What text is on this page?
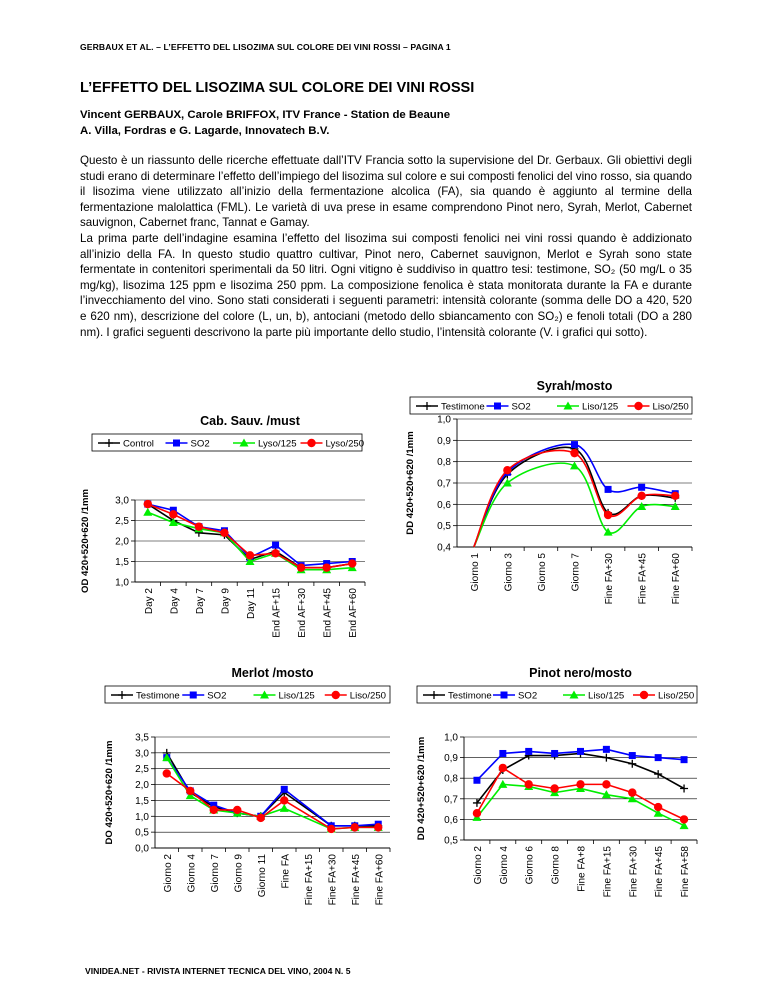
GERBAUX ET AL. – L’EFFETTO DEL LISOZIMA SUL COLORE DEI VINI ROSSI – PAGINA 1
L’EFFETTO DEL LISOZIMA SUL COLORE DEI VINI ROSSI
Vincent GERBAUX, Carole BRIFFOX, ITV France - Station de Beaune
A. Villa, Fordras e G. Lagarde, Innovatech B.V.

Questo è un riassunto delle ricerche effettuate dall’ITV Francia sotto la supervisione del Dr. Gerbaux. Gli obiettivi degli studi erano di determinare l’effetto dell’impiego del lisozima sul colore e sui composti fenolici del vino rosso, sia quando il lisozima viene utilizzato all’inizio della fermentazione alcolica (FA), sia quando è aggiunto al termine della fermentazione malolattica (FML). Le varietà di uva prese in esame comprendono Pinot nero, Syrah, Merlot, Cabernet sauvignon, Cabernet franc, Tannat e Gamay.

La prima parte dell’indagine esamina l’effetto del lisozima sui composti fenolici nei vini rossi quando è addizionato all’inizio della FA. In questo studio quattro cultivar, Pinot nero, Cabernet sauvignon, Merlot e Syrah sono state fermentate in contenitori sperimentali da 50 litri. Ogni vitigno è suddiviso in quattro tesi: testimone, SO₂ (50 mg/L o 35 mg/kg), lisozima 125 ppm e lisozima 250 ppm. La composizione fenolica è stata monitorata durante la FA e durante l’invecchiamento del vino. Sono stati considerati i seguenti parametri: intensità colorante (somma delle DO a 420, 520 e 620 nm), descrizione del colore (L, un, b), antociani (metodo dello sbiancamento con SO₂) e fenoli totali (DO a 280 nm). I grafici seguenti descrivono la parte più importante dello studio, l’intensità colorante (V. i grafici qui sotto).

Cab. Sauv. /must
Control	SO2	Lyso/125	Lyso/250
OD 420+520+620 /1mm 1,0
1,5
2,0
2,5
3,0
Day 2 Day 4 Day 7 Day 9 Day 11 End AF+15 End AF+30 End AF+45 End AF+60
Syrah/mosto
Testimone	SO2	Liso/125	Liso/250
DD 420+520+620 /1mm
0,4
0,5
0,6
0,7
0,8
0,9
1,0
Giorno 1 Giorno 3 Giorno 5 Giorno 7 Fine FA+30 Fine FA+45 Fine FA+60
Merlot /mosto
Testimone	SO2	Liso/125	Liso/250
DO 420+520+620 /1mm
0,0
0,5
1,0
1,5
2,0
2,5
3,0
3,5
Giorno 2 Giorno 4 Giorno 7 Giorno 9 Giorno 11 Fine FA Fine FA+15 Fine FA+30 Fine FA+45 Fine FA+60
Pinot nero/mosto
Testimone	SO2	Liso/125	Liso/250
DD 420+520+620 /1mm
0,5
0,6
0,7
0,8
0,9
1,0
Giorno 2 Giorno 4 Giorno 6 Giorno 8 Fine FA+8 Fine FA+15 Fine FA+30 Fine FA+45 Fine FA+58
VINIDEA.NET - RIVISTA INTERNET TECNICA DEL VINO, 2004 N. 5
